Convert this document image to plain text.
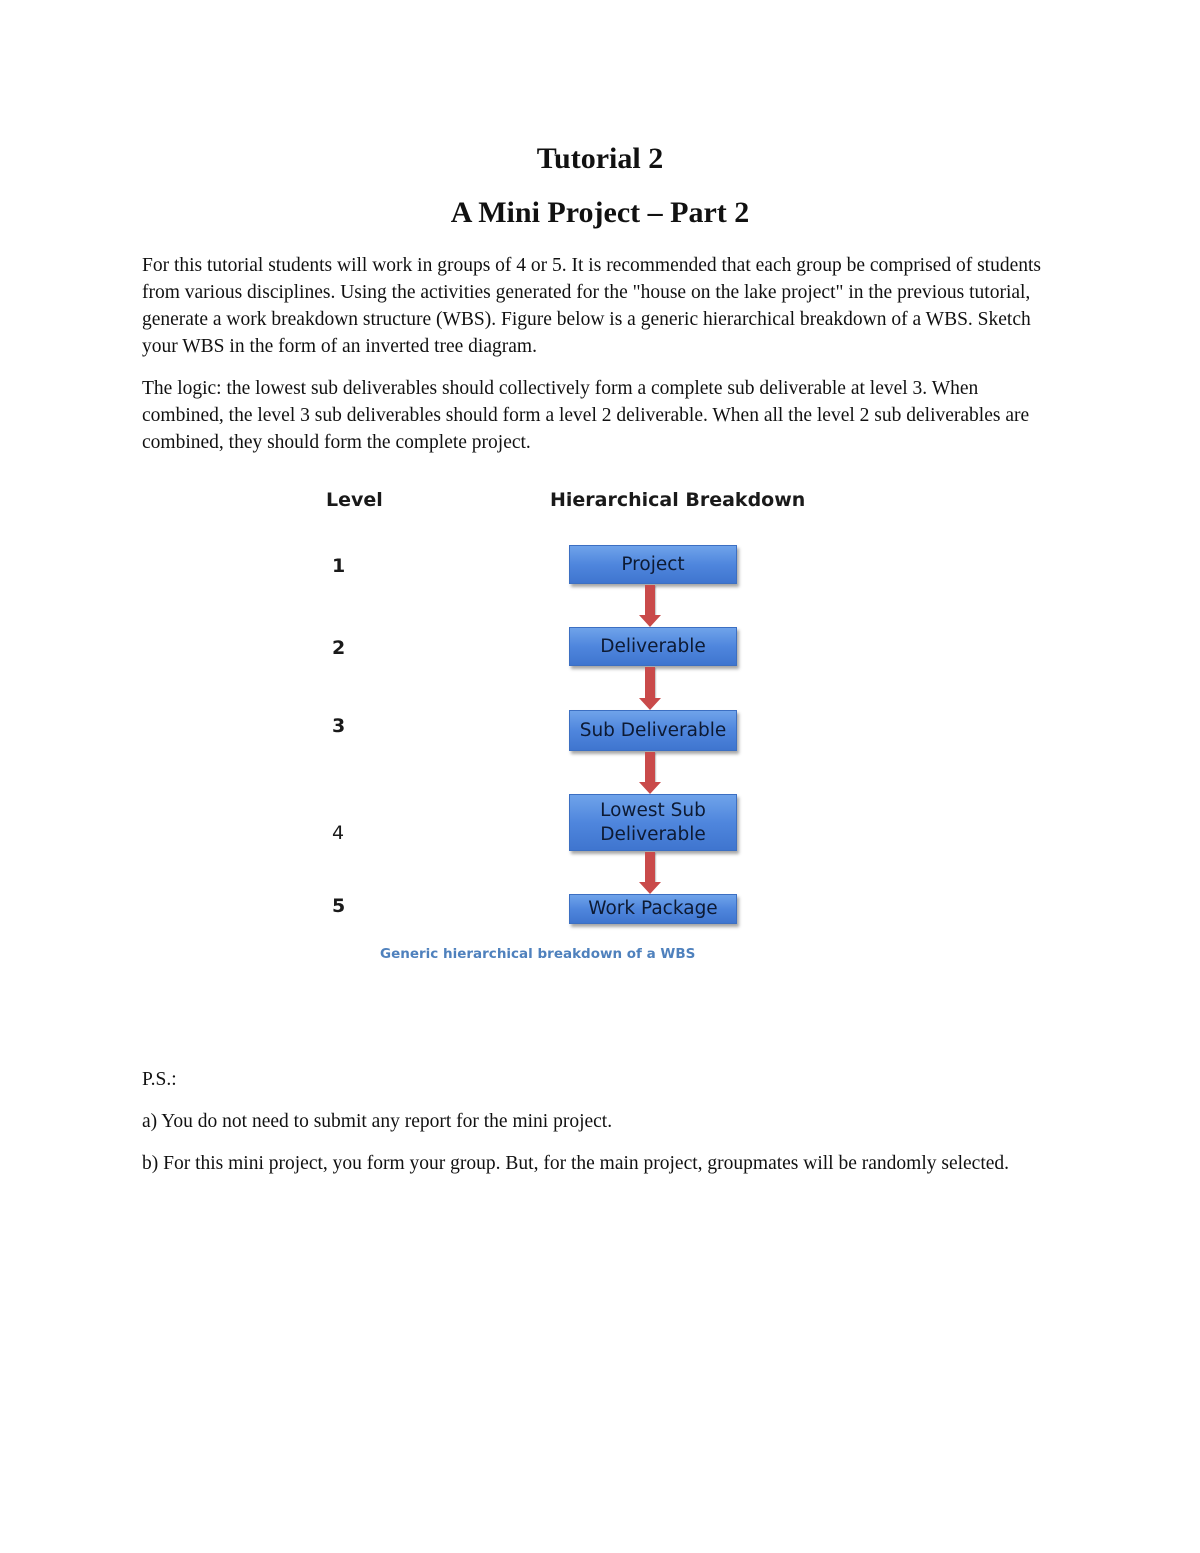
Tutorial 2
A Mini Project – Part 2

For this tutorial students will work in groups of 4 or 5. It is recommended that each group be comprised of students from various disciplines. Using the activities generated for the "house on the lake project" in the previous tutorial, generate a work breakdown structure (WBS). Figure below is a generic hierarchical breakdown of a WBS. Sketch your WBS in the form of an inverted tree diagram.

The logic: the lowest sub deliverables should collectively form a complete sub deliverable at level 3. When combined, the level 3 sub deliverables should form a level 2 deliverable. When all the level 2 sub deliverables are combined, they should form the complete project.

Level	Hierarchical Breakdown
1
2
3
4
5
Project
Deliverable
Sub Deliverable
Lowest Sub Deliverable
Work Package
Generic hierarchical breakdown of a WBS

P.S.:

a) You do not need to submit any report for the mini project.

b) For this mini project, you form your group. But, for the main project, groupmates will be randomly selected.
